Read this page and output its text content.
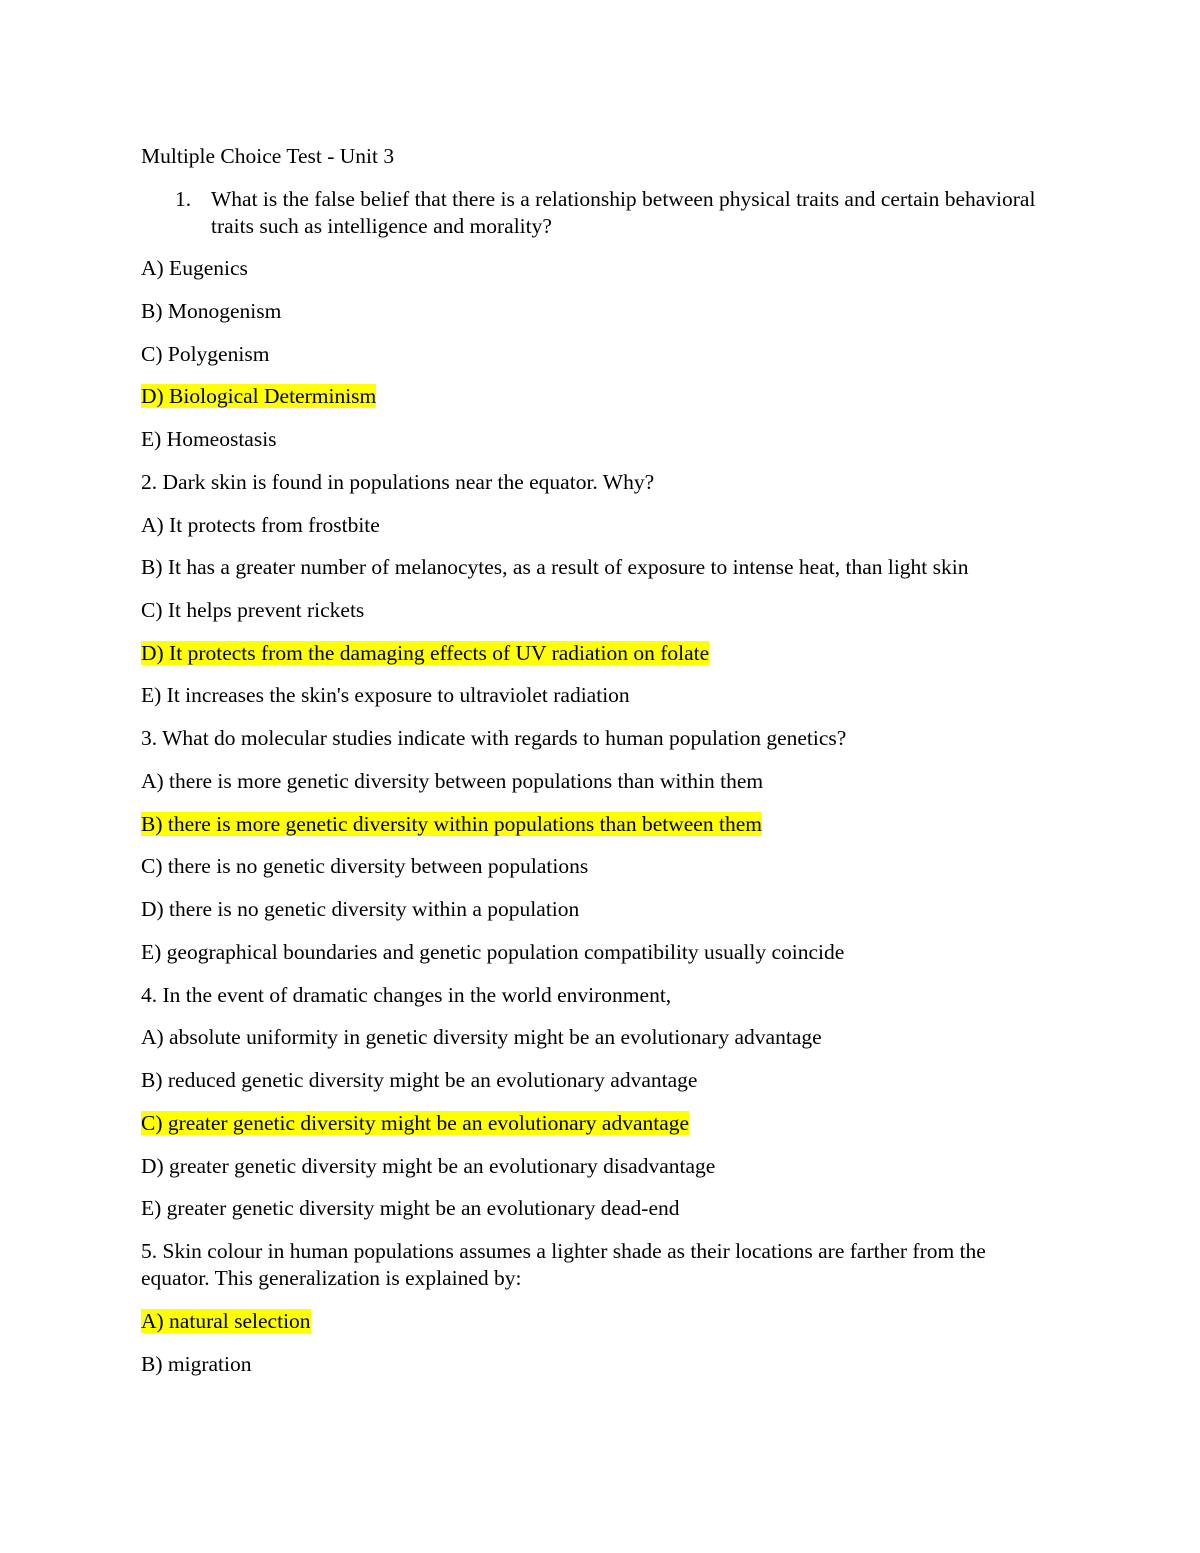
Multiple Choice Test - Unit 3
1. What is the false belief that there is a relationship between physical traits and certain behavioral traits such as intelligence and morality?
A) Eugenics
B) Monogenism
C) Polygenism
D) Biological Determinism
E) Homeostasis
2. Dark skin is found in populations near the equator. Why?
A) It protects from frostbite
B) It has a greater number of melanocytes, as a result of exposure to intense heat, than light skin
C) It helps prevent rickets
D) It protects from the damaging effects of UV radiation on folate
E) It increases the skin's exposure to ultraviolet radiation
3. What do molecular studies indicate with regards to human population genetics?
A) there is more genetic diversity between populations than within them
B) there is more genetic diversity within populations than between them
C) there is no genetic diversity between populations
D) there is no genetic diversity within a population
E) geographical boundaries and genetic population compatibility usually coincide
4. In the event of dramatic changes in the world environment,
A) absolute uniformity in genetic diversity might be an evolutionary advantage
B) reduced genetic diversity might be an evolutionary advantage
C) greater genetic diversity might be an evolutionary advantage
D) greater genetic diversity might be an evolutionary disadvantage
E) greater genetic diversity might be an evolutionary dead-end
5. Skin colour in human populations assumes a lighter shade as their locations are farther from the equator. This generalization is explained by:
A) natural selection
B) migration
